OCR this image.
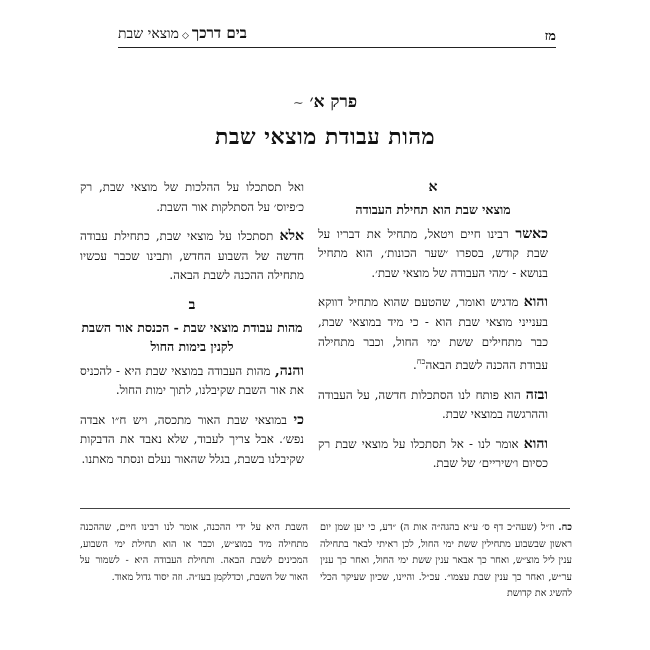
מז
בים דרכך◇מוצאי שבת
פרק א׳ ~
מהות עבודת מוצאי שבת
א
מוצאי שבת הוא תחילת העבודה

כאשר רבינו חיים ויטאל, מתחיל את דבריו על שבת קודש, בספרו ׳שער הכונות׳, הוא מתחיל בנושא - ׳מהי העבודה של מוצאי שבת׳.

והוא מדגיש ואומר, שהטעם שהוא מתחיל דווקא בענייני מוצאי שבת הוא - כי מיד במוצאי שבת, כבר מתחילים ששת ימי החול, וכבר מתחילה עבודת ההכנה לשבת הבאה$^{כח}$.

ובזה הוא פותח לנו הסתכלות חדשה, על העבודה וההרגשה במוצאי שבת.

והוא אומר לנו - אל תסתכלו על מוצאי שבת רק כסיום ו׳שיריים׳ של שבת.

ואל תסתכלו על ההלכות של מוצאי שבת, רק כ׳פיוס׳ על הסתלקות אור השבת.

אלא תסתכלו על מוצאי שבת, כתחילת עבודה חדשה של השבוע החדש, ותבינו שכבר עכשיו מתחילה ההכנה לשבת הבאה.

ב
מהות עבודת מוצאי שבת - הכנסת אור השבת לקנין בימות החול

והנה, מהות העבודה במוצאי שבת היא - להכניס את אור השבת שקיבלנו, לתוך ימות החול.

כי במוצאי שבת האור מתכסה, ויש ח״ו אבדה נפש׳. אבל צריך לעבוד, שלא נאבד את הדבקות שקיבלנו בשבת, בגלל שהאור נעלם ונסתר מאתנו.

כח. וז״ל (שעה״כ דף ס׳ ע״א בהגה״ה אות ה) ״דע, כי יען שמן יום ראשון שבשבוע מתחילין ששת ימי החול, לכן ראיתי לבאר בתחילה ענין ליל מוצ״ש, ואחר כך אבאר ענין ששת ימי החול, ואחר כך ענין ער״ש, ואחר כך ענין שבת עצמו״. עכ״ל. והיינו, שכיון שעיקר הכלי להשיג את קדושת
השבת היא על ידי ההכנה, אומר לנו רבינו חיים, שההכנה מתחילה מיד במוצ״ש, וכבר או הוא תחילת ימי השבוע, המכינים לשבת הבאה. ותחילת העבודה היא - לשמור על האור של השבת, וכדלקמן בעז״ה. וזה יסוד גדול מאוד.
